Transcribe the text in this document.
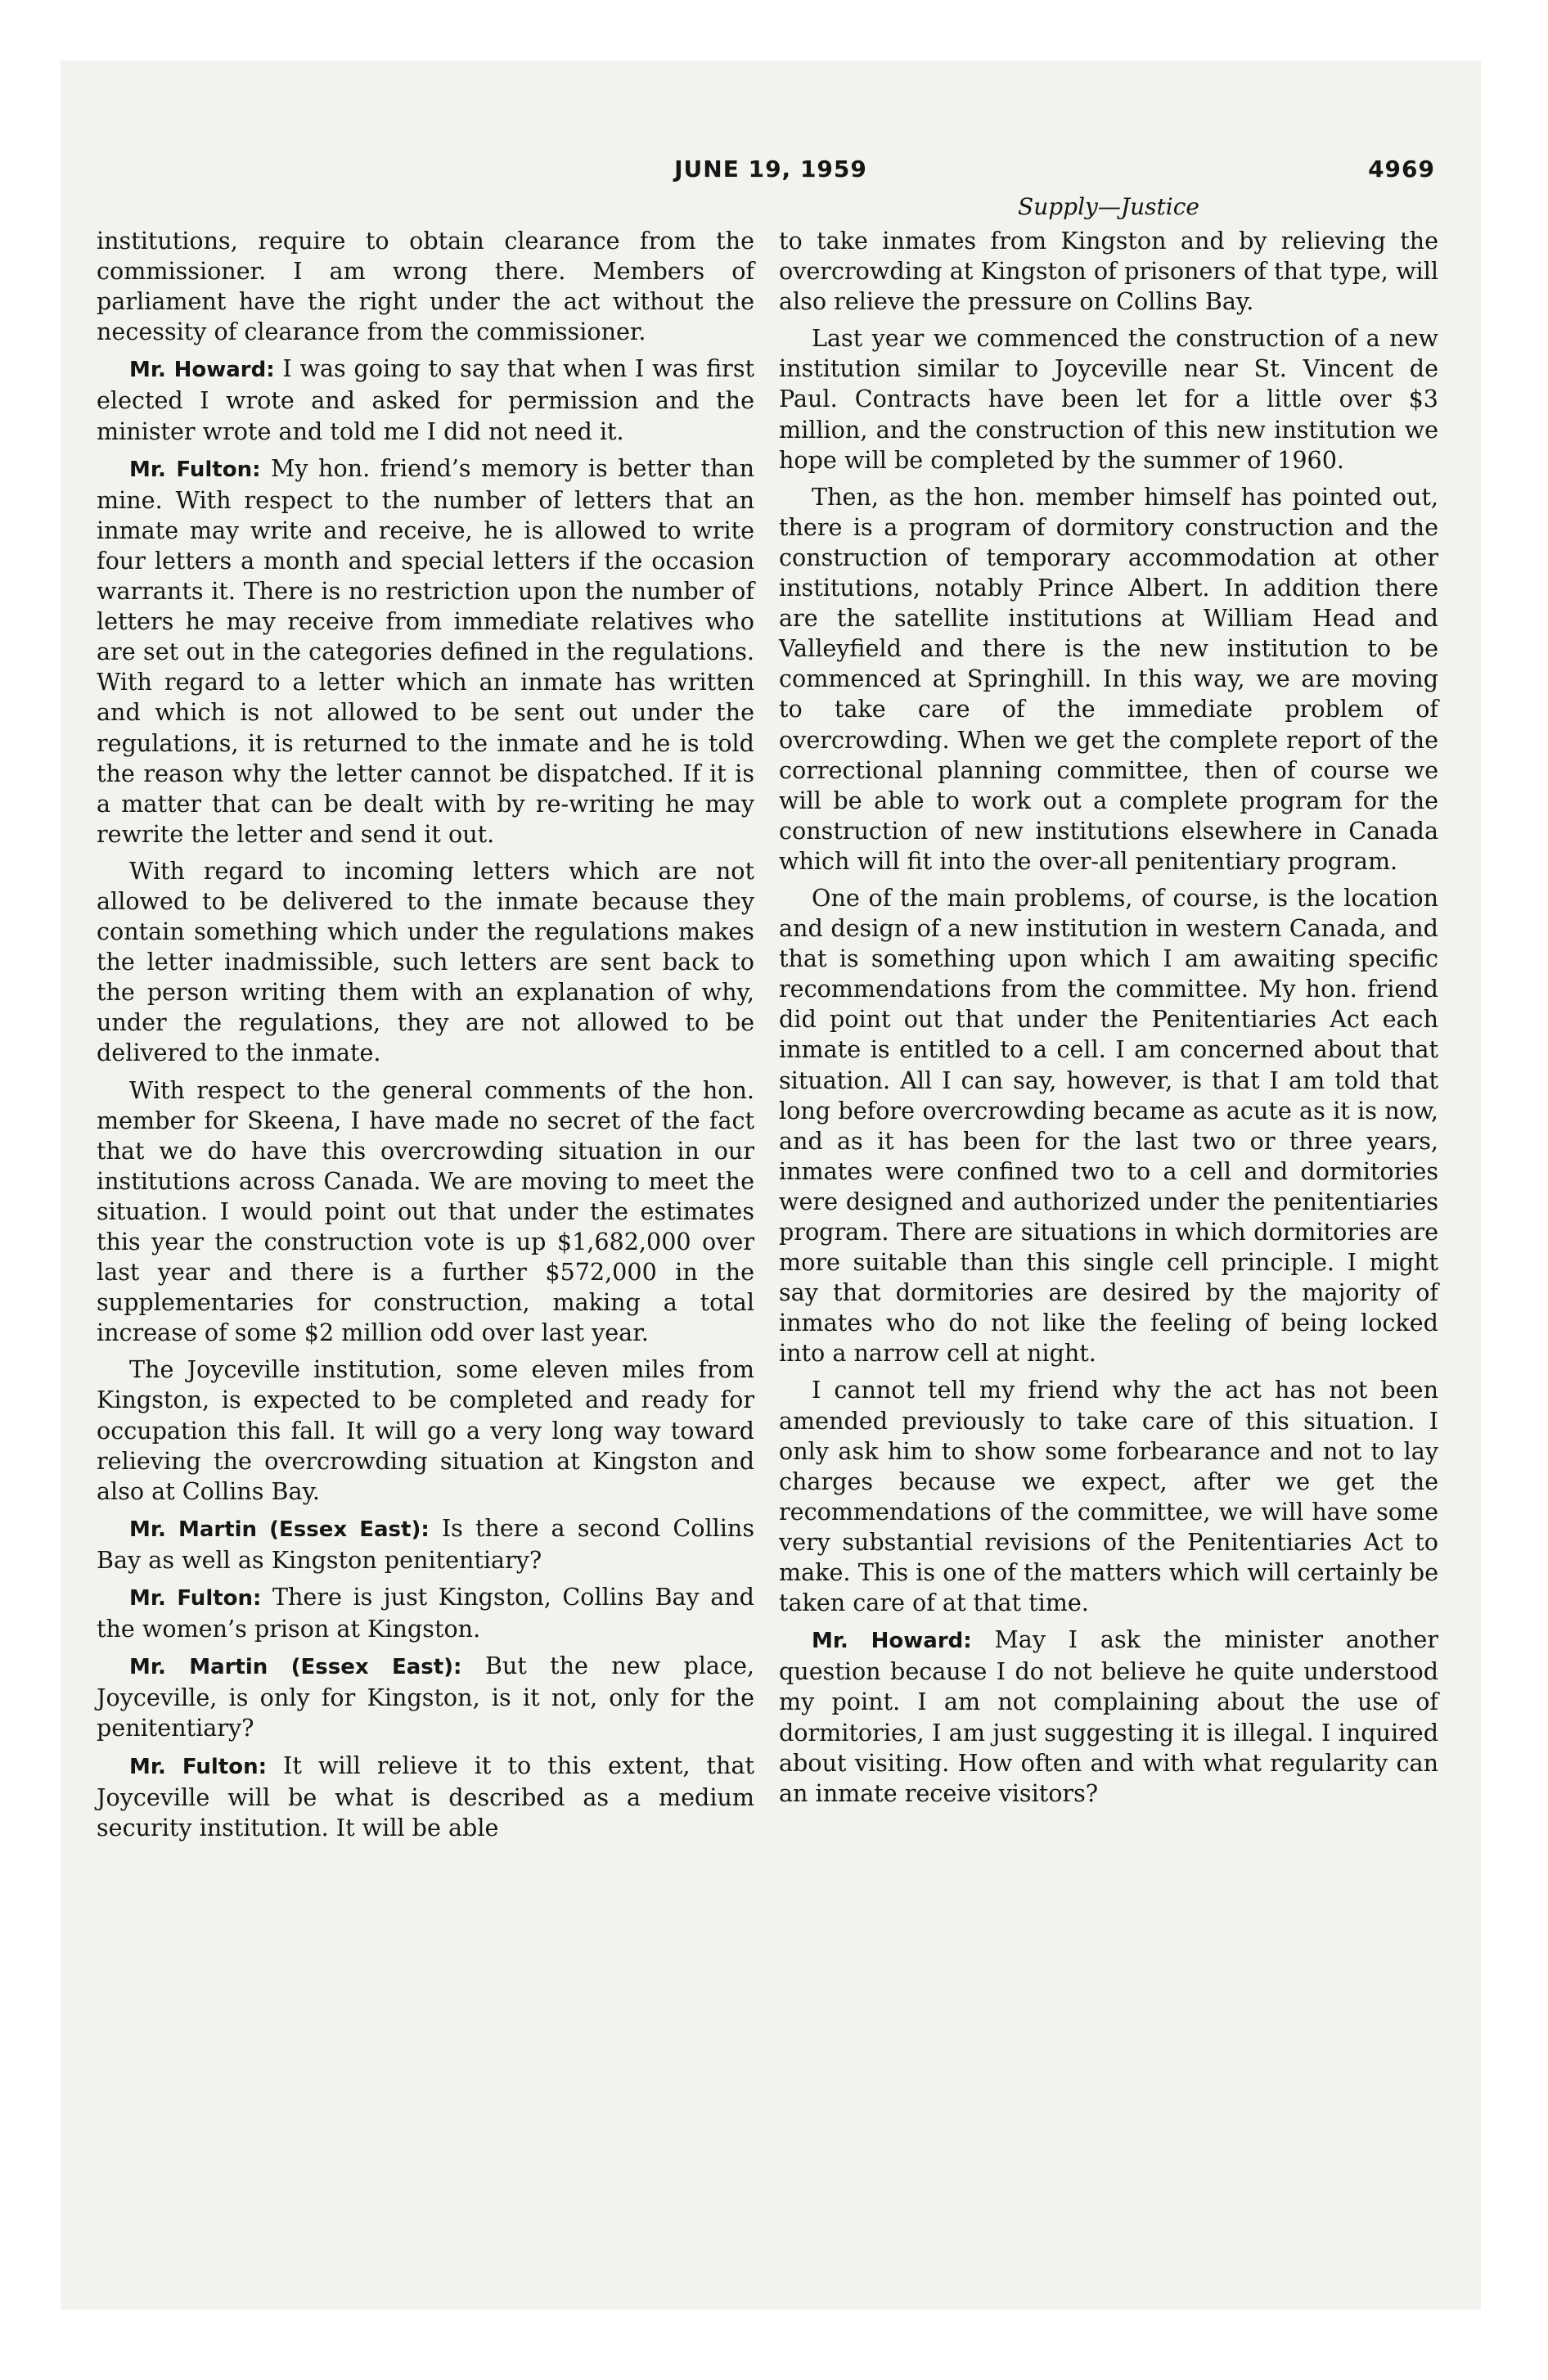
JUNE 19, 1959	4969
Supply—Justice

institutions, require to obtain clearance from the commissioner. I am wrong there. Members of parliament have the right under the act without the necessity of clearance from the commissioner.

Mr. Howard: I was going to say that when I was first elected I wrote and asked for permission and the minister wrote and told me I did not need it.

Mr. Fulton: My hon. friend’s memory is better than mine. With respect to the number of letters that an inmate may write and receive, he is allowed to write four letters a month and special letters if the occasion warrants it. There is no restriction upon the number of letters he may receive from immediate relatives who are set out in the categories defined in the regulations. With regard to a letter which an inmate has written and which is not allowed to be sent out under the regulations, it is returned to the inmate and he is told the reason why the letter cannot be dispatched. If it is a matter that can be dealt with by re-writing he may rewrite the letter and send it out.

With regard to incoming letters which are not allowed to be delivered to the inmate because they contain something which under the regulations makes the letter inadmissible, such letters are sent back to the person writing them with an explanation of why, under the regulations, they are not allowed to be delivered to the inmate.

With respect to the general comments of the hon. member for Skeena, I have made no secret of the fact that we do have this overcrowding situation in our institutions across Canada. We are moving to meet the situation. I would point out that under the estimates this year the construction vote is up $1,682,000 over last year and there is a further $572,000 in the supplementaries for construction, making a total increase of some $2 million odd over last year.

The Joyceville institution, some eleven miles from Kingston, is expected to be completed and ready for occupation this fall. It will go a very long way toward relieving the overcrowding situation at Kingston and also at Collins Bay.

Mr. Martin (Essex East): Is there a second Collins Bay as well as Kingston penitentiary?

Mr. Fulton: There is just Kingston, Collins Bay and the women’s prison at Kingston.

Mr. Martin (Essex East): But the new place, Joyceville, is only for Kingston, is it not, only for the penitentiary?

Mr. Fulton: It will relieve it to this extent, that Joyceville will be what is described as a medium security institution. It will be able

to take inmates from Kingston and by relieving the overcrowding at Kingston of prisoners of that type, will also relieve the pressure on Collins Bay.

Last year we commenced the construction of a new institution similar to Joyceville near St. Vincent de Paul. Contracts have been let for a little over $3 million, and the construction of this new institution we hope will be completed by the summer of 1960.

Then, as the hon. member himself has pointed out, there is a program of dormitory construction and the construction of temporary accommodation at other institutions, notably Prince Albert. In addition there are the satellite institutions at William Head and Valleyfield and there is the new institution to be commenced at Springhill. In this way, we are moving to take care of the immediate problem of overcrowding. When we get the complete report of the correctional planning committee, then of course we will be able to work out a complete program for the construction of new institutions elsewhere in Canada which will fit into the over-all penitentiary program.

One of the main problems, of course, is the location and design of a new institution in western Canada, and that is something upon which I am awaiting specific recommendations from the committee. My hon. friend did point out that under the Penitentiaries Act each inmate is entitled to a cell. I am concerned about that situation. All I can say, however, is that I am told that long before overcrowding became as acute as it is now, and as it has been for the last two or three years, inmates were confined two to a cell and dormitories were designed and authorized under the penitentiaries program. There are situations in which dormitories are more suitable than this single cell principle. I might say that dormitories are desired by the majority of inmates who do not like the feeling of being locked into a narrow cell at night.

I cannot tell my friend why the act has not been amended previously to take care of this situation. I only ask him to show some forbearance and not to lay charges because we expect, after we get the recommendations of the committee, we will have some very substantial revisions of the Penitentiaries Act to make. This is one of the matters which will certainly be taken care of at that time.

Mr. Howard: May I ask the minister another question because I do not believe he quite understood my point. I am not complaining about the use of dormitories, I am just suggesting it is illegal. I inquired about visiting. How often and with what regularity can an inmate receive visitors?
